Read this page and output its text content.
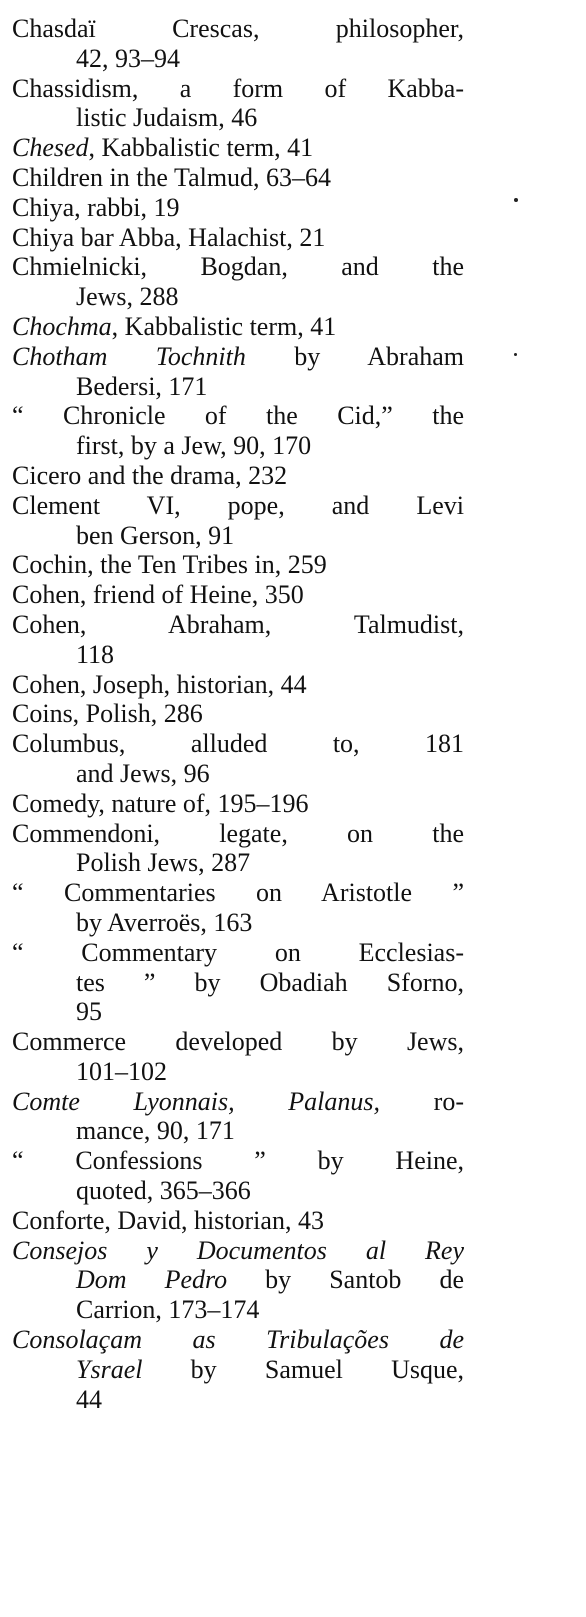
Chasdaï Crescas, philosopher,
42, 93–94
Chassidism, a form of Kabba-
listic Judaism, 46
Chesed, Kabbalistic term, 41
Children in the Talmud, 63–64
Chiya, rabbi, 19
Chiya bar Abba, Halachist, 21
Chmielnicki, Bogdan, and the
Jews, 288
Chochma, Kabbalistic term, 41
Chotham Tochnith by Abraham
Bedersi, 171
“ Chronicle of the Cid,” the
first, by a Jew, 90, 170
Cicero and the drama, 232
Clement VI, pope, and Levi
ben Gerson, 91
Cochin, the Ten Tribes in, 259
Cohen, friend of Heine, 350
Cohen, Abraham, Talmudist,
118
Cohen, Joseph, historian, 44
Coins, Polish, 286
Columbus, alluded to, 181
and Jews, 96
Comedy, nature of, 195–196
Commendoni, legate, on the
Polish Jews, 287
“ Commentaries on Aristotle ”
by Averroës, 163
“ Commentary on Ecclesias-
tes ” by Obadiah Sforno,
95
Commerce developed by Jews,
101–102
Comte Lyonnais, Palanus, ro-
mance, 90, 171
“ Confessions ” by Heine,
quoted, 365–366
Conforte, David, historian, 43
Consejos y Documentos al Rey
Dom Pedro by Santob de
Carrion, 173–174
Consolaçam as Tribulações de
Ysrael by Samuel Usque,
44
